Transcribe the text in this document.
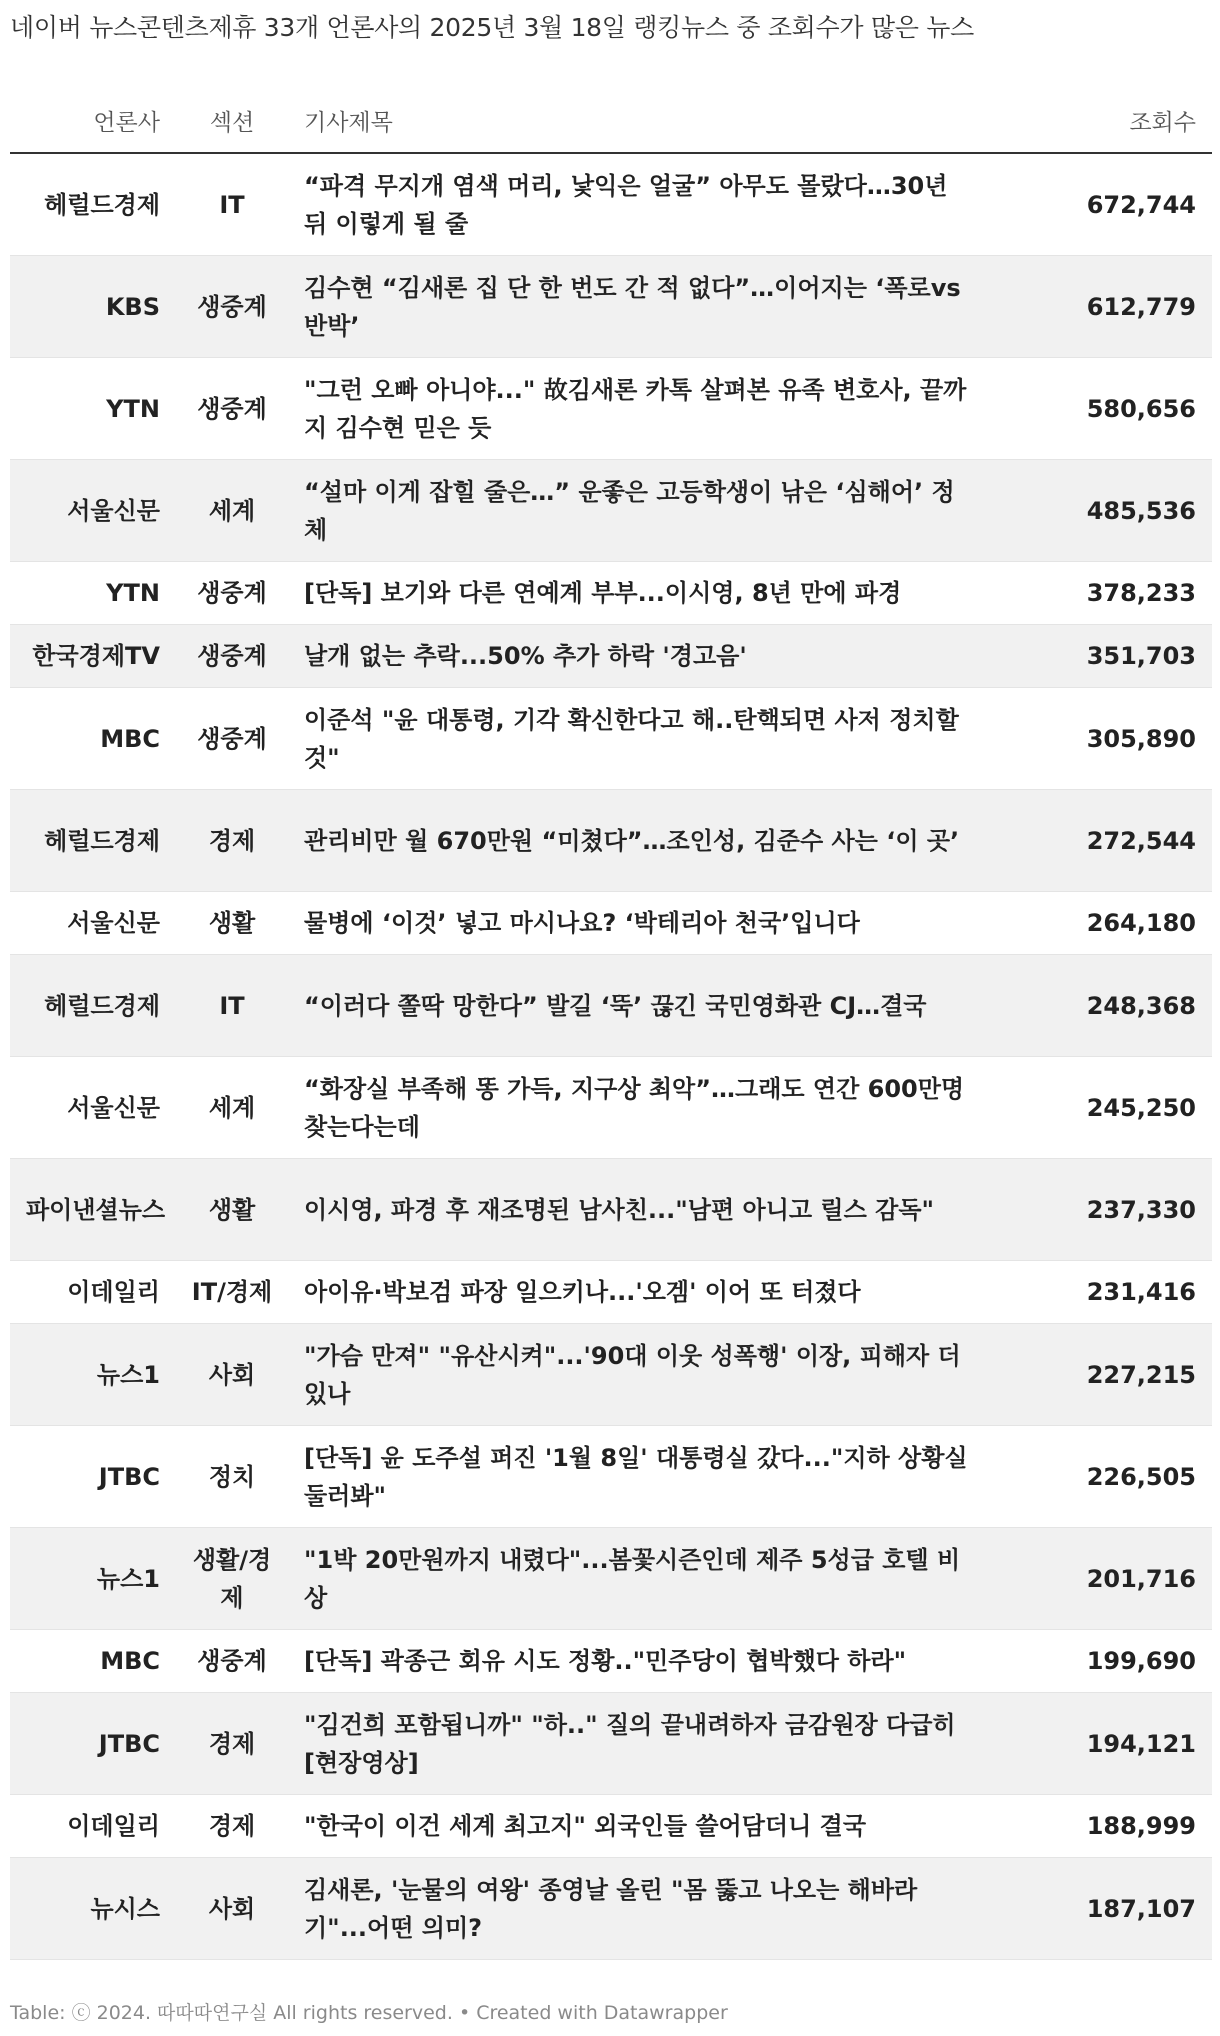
네이버 뉴스콘텐츠제휴 33개 언론사의 2025년 3월 18일 랭킹뉴스 중 조회수가 많은 뉴스
언론사	섹션	기사제목	조회수
헤럴드경제	IT	“파격 무지개 염색 머리, 낯익은 얼굴” 아무도 몰랐다…30년 뒤 이렇게 될 줄	672,744
KBS	생중계	김수현 “김새론 집 단 한 번도 간 적 없다”…이어지는 ‘폭로vs반박’	612,779
YTN	생중계	"그런 오빠 아니야..." 故김새론 카톡 살펴본 유족 변호사, 끝까지 김수현 믿은 듯	580,656
서울신문	세계	“설마 이게 잡힐 줄은…” 운좋은 고등학생이 낚은 ‘심해어’ 정체	485,536
YTN	생중계	[단독] 보기와 다른 연예계 부부...이시영, 8년 만에 파경	378,233
한국경제TV	생중계	날개 없는 추락...50% 추가 하락 '경고음'	351,703
MBC	생중계	이준석 "윤 대통령, 기각 확신한다고 해..탄핵되면 사저 정치할 것"	305,890
헤럴드경제	경제	관리비만 월 670만원 “미쳤다”…조인성, 김준수 사는 ‘이 곳’	272,544
서울신문	생활	물병에 ‘이것’ 넣고 마시나요? ‘박테리아 천국’입니다	264,180
헤럴드경제	IT	“이러다 쫄딱 망한다” 발길 ‘뚝’ 끊긴 국민영화관 CJ…결국	248,368
서울신문	세계	“화장실 부족해 똥 가득, 지구상 최악”…그래도 연간 600만명 찾는다는데	245,250
파이낸셜뉴스	생활	이시영, 파경 후 재조명된 남사친..."남편 아니고 릴스 감독"	237,330
이데일리	IT/경제	아이유·박보검 파장 일으키나...'오겜' 이어 또 터졌다	231,416
뉴스1	사회	"가슴 만져" "유산시켜"...'90대 이웃 성폭행' 이장, 피해자 더 있나	227,215
JTBC	정치	[단독] 윤 도주설 퍼진 '1월 8일' 대통령실 갔다..."지하 상황실 둘러봐"	226,505
뉴스1	생활/경제	"1박 20만원까지 내렸다"...봄꽃시즌인데 제주 5성급 호텔 비상	201,716
MBC	생중계	[단독] 곽종근 회유 시도 정황.."민주당이 협박했다 하라"	199,690
JTBC	경제	"김건희 포함됩니까" "하.." 질의 끝내려하자 금감원장 다급히 [현장영상]	194,121
이데일리	경제	"한국이 이건 세계 최고지" 외국인들 쓸어담더니 결국	188,999
뉴시스	사회	김새론, '눈물의 여왕' 종영날 올린 "몸 뚫고 나오는 해바라기"...어떤 의미?	187,107
Table: ⓒ 2024. 따따따연구실 All rights reserved. • Created with Datawrapper
